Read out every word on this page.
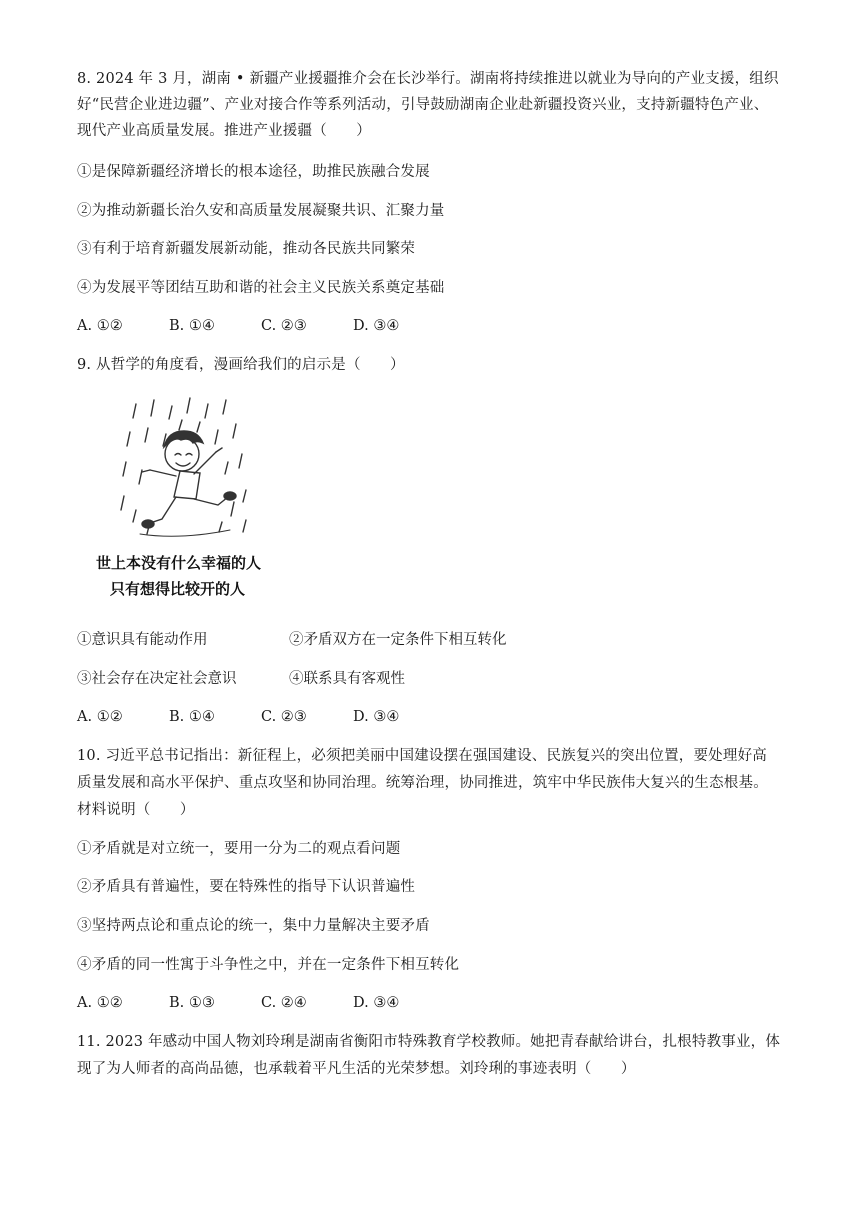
8. 2024 年 3 月，湖南 • 新疆产业援疆推介会在长沙举行。湖南将持续推进以就业为导向的产业支援，组织
好“民营企业进边疆”、产业对接合作等系列活动，引导鼓励湖南企业赴新疆投资兴业，支持新疆特色产业、
现代产业高质量发展。推进产业援疆（　　）
①是保障新疆经济增长的根本途径，助推民族融合发展
②为推动新疆长治久安和高质量发展凝聚共识、汇聚力量
③有利于培育新疆发展新动能，推动各民族共同繁荣
④为发展平等团结互助和谐的社会主义民族关系奠定基础
A. ①②	B. ①④	C. ②③	D. ③④
9. 从哲学的角度看，漫画给我们的启示是（　　）
世上本没有什么幸福的人
只有想得比较开的人
①意识具有能动作用	②矛盾双方在一定条件下相互转化
③社会存在决定社会意识	④联系具有客观性
A. ①②	B. ①④	C. ②③	D. ③④
10. 习近平总书记指出：新征程上，必须把美丽中国建设摆在强国建设、民族复兴的突出位置，要处理好高
质量发展和高水平保护、重点攻坚和协同治理。统筹治理，协同推进，筑牢中华民族伟大复兴的生态根基。
材料说明（　　）
①矛盾就是对立统一，要用一分为二的观点看问题
②矛盾具有普遍性，要在特殊性的指导下认识普遍性
③坚持两点论和重点论的统一，集中力量解决主要矛盾
④矛盾的同一性寓于斗争性之中，并在一定条件下相互转化
A. ①②	B. ①③	C. ②④	D. ③④
11. 2023 年感动中国人物刘玲琍是湖南省衡阳市特殊教育学校教师。她把青春献给讲台，扎根特教事业，体
现了为人师者的高尚品德，也承载着平凡生活的光荣梦想。刘玲琍的事迹表明（　　）
